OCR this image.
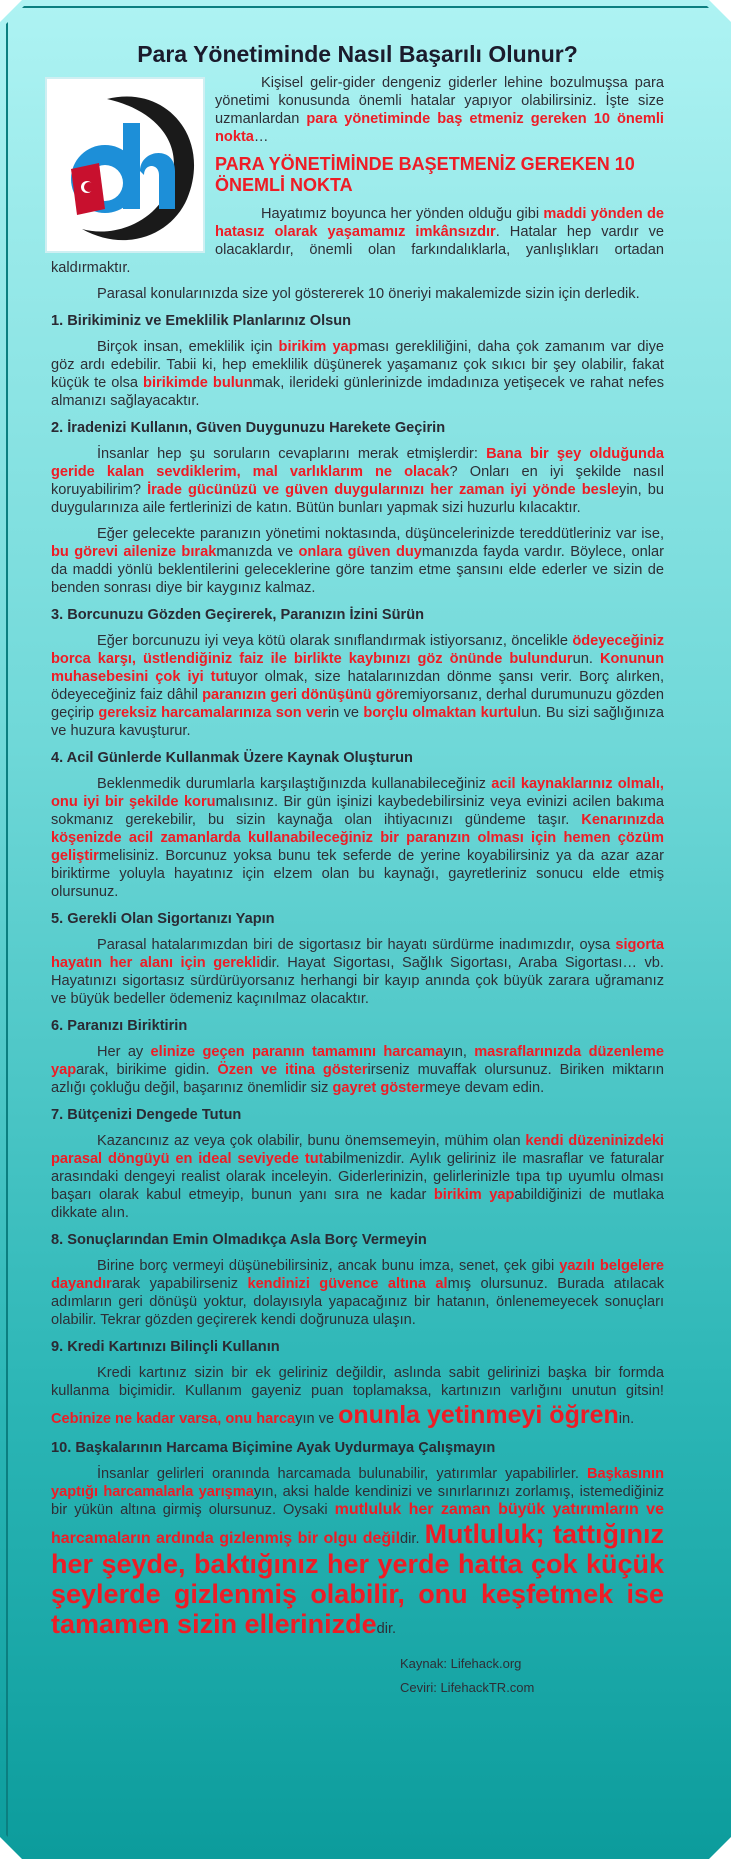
Para Yönetiminde Nasıl Başarılı Olunur?

Kişisel gelir-gider dengeniz giderler lehine bozulmuşsa para yönetimi konusunda önemli hatalar yapıyor olabilirsiniz. İşte size uzmanlardan para yönetiminde baş etmeniz gereken 10 önemli nokta…

PARA YÖNETİMİNDE BAŞETMENİZ GEREKEN 10 ÖNEMLİ NOKTA

Hayatımız boyunca her yönden olduğu gibi maddi yönden de hatasız olarak yaşamamız imkânsızdır. Hatalar hep vardır ve olacaklardır, önemli olan farkındalıklarla, yanlışlıkları ortadan kaldırmaktır.

Parasal konularınızda size yol göstererek 10 öneriyi makalemizde sizin için derledik.

1. Birikiminiz ve Emeklilik Planlarınız Olsun

Birçok insan, emeklilik için birikim yapması gerekliliğini, daha çok zamanım var diye göz ardı edebilir. Tabii ki, hep emeklilik düşünerek yaşamanız çok sıkıcı bir şey olabilir, fakat küçük te olsa birikimde bulunmak, ilerideki günlerinizde imdadınıza yetişecek ve rahat nefes almanızı sağlayacaktır.

2. İradenizi Kullanın, Güven Duygunuzu Harekete Geçirin

İnsanlar hep şu soruların cevaplarını merak etmişlerdir: Bana bir şey olduğunda geride kalan sevdiklerim, mal varlıklarım ne olacak? Onları en iyi şekilde nasıl koruyabilirim? İrade gücünüzü ve güven duygularınızı her zaman iyi yönde besleyin, bu duygularınıza aile fertlerinizi de katın. Bütün bunları yapmak sizi huzurlu kılacaktır.

Eğer gelecekte paranızın yönetimi noktasında, düşüncelerinizde tereddütleriniz var ise, bu görevi ailenize bırakmanızda ve onlara güven duymanızda fayda vardır. Böylece, onlar da maddi yönlü beklentilerini geleceklerine göre tanzim etme şansını elde ederler ve sizin de benden sonrası diye bir kaygınız kalmaz.

3. Borcunuzu Gözden Geçirerek, Paranızın İzini Sürün

Eğer borcunuzu iyi veya kötü olarak sınıflandırmak istiyorsanız, öncelikle ödeyeceğiniz borca karşı, üstlendiğiniz faiz ile birlikte kaybınızı göz önünde bulundurun. Konunun muhasebesini çok iyi tutuyor olmak, size hatalarınızdan dönme şansı verir. Borç alırken, ödeyeceğiniz faiz dâhil paranızın geri dönüşünü göremiyorsanız, derhal durumunuzu gözden geçirip gereksiz harcamalarınıza son verin ve borçlu olmaktan kurtulun. Bu sizi sağlığınıza ve huzura kavuşturur.

4. Acil Günlerde Kullanmak Üzere Kaynak Oluşturun

Beklenmedik durumlarla karşılaştığınızda kullanabileceğiniz acil kaynaklarınız olmalı, onu iyi bir şekilde korumalısınız. Bir gün işinizi kaybedebilirsiniz veya evinizi acilen bakıma sokmanız gerekebilir, bu sizin kaynağa olan ihtiyacınızı gündeme taşır. Kenarınızda köşenizde acil zamanlarda kullanabileceğiniz bir paranızın olması için hemen çözüm geliştirmelisiniz. Borcunuz yoksa bunu tek seferde de yerine koyabilirsiniz ya da azar azar biriktirme yoluyla hayatınız için elzem olan bu kaynağı, gayretleriniz sonucu elde etmiş olursunuz.

5. Gerekli Olan Sigortanızı Yapın

Parasal hatalarımızdan biri de sigortasız bir hayatı sürdürme inadımızdır, oysa sigorta hayatın her alanı için gereklidir. Hayat Sigortası, Sağlık Sigortası, Araba Sigortası… vb. Hayatınızı sigortasız sürdürüyorsanız herhangi bir kayıp anında çok büyük zarara uğramanız ve büyük bedeller ödemeniz kaçınılmaz olacaktır.

6. Paranızı Biriktirin

Her ay elinize geçen paranın tamamını harcamayın, masraflarınızda düzenleme yaparak, birikime gidin. Özen ve itina gösterirseniz muvaffak olursunuz. Biriken miktarın azlığı çokluğu değil, başarınız önemlidir siz gayret göstermeye devam edin.

7. Bütçenizi Dengede Tutun

Kazancınız az veya çok olabilir, bunu önemsemeyin, mühim olan kendi düzeninizdeki parasal döngüyü en ideal seviyede tutabilmenizdir. Aylık geliriniz ile masraflar ve faturalar arasındaki dengeyi realist olarak inceleyin. Giderlerinizin, gelirlerinizle tıpa tıp uyumlu olması başarı olarak kabul etmeyip, bunun yanı sıra ne kadar birikim yapabildiğinizi de mutlaka dikkate alın.

8. Sonuçlarından Emin Olmadıkça Asla Borç Vermeyin

Birine borç vermeyi düşünebilirsiniz, ancak bunu imza, senet, çek gibi yazılı belgelere dayandırarak yapabilirseniz kendinizi güvence altına almış olursunuz. Burada atılacak adımların geri dönüşü yoktur, dolayısıyla yapacağınız bir hatanın, önlenemeyecek sonuçları olabilir. Tekrar gözden geçirerek kendi doğrunuza ulaşın.

9. Kredi Kartınızı Bilinçli Kullanın

Kredi kartınız sizin bir ek geliriniz değildir, aslında sabit gelirinizi başka bir formda kullanma biçimidir. Kullanım gayeniz puan toplamaksa, kartınızın varlığını unutun gitsin! Cebinize ne kadar varsa, onu harcayın ve onunla yetinmeyi öğrenin.

10. Başkalarının Harcama Biçimine Ayak Uydurmaya Çalışmayın

İnsanlar gelirleri oranında harcamada bulunabilir, yatırımlar yapabilirler. Başkasının yaptığı harcamalarla yarışmayın, aksi halde kendinizi ve sınırlarınızı zorlamış, istemediğiniz bir yükün altına girmiş olursunuz. Oysaki mutluluk her zaman büyük yatırımların ve harcamaların ardında gizlenmiş bir olgu değildir. Mutluluk; tattığınız her şeyde, baktığınız her yerde hatta çok küçük şeylerde gizlenmiş olabilir, onu keşfetmek ise tamamen sizin ellerinizdedir.

Kaynak: Lifehack.org
Ceviri: LifehackTR.com
